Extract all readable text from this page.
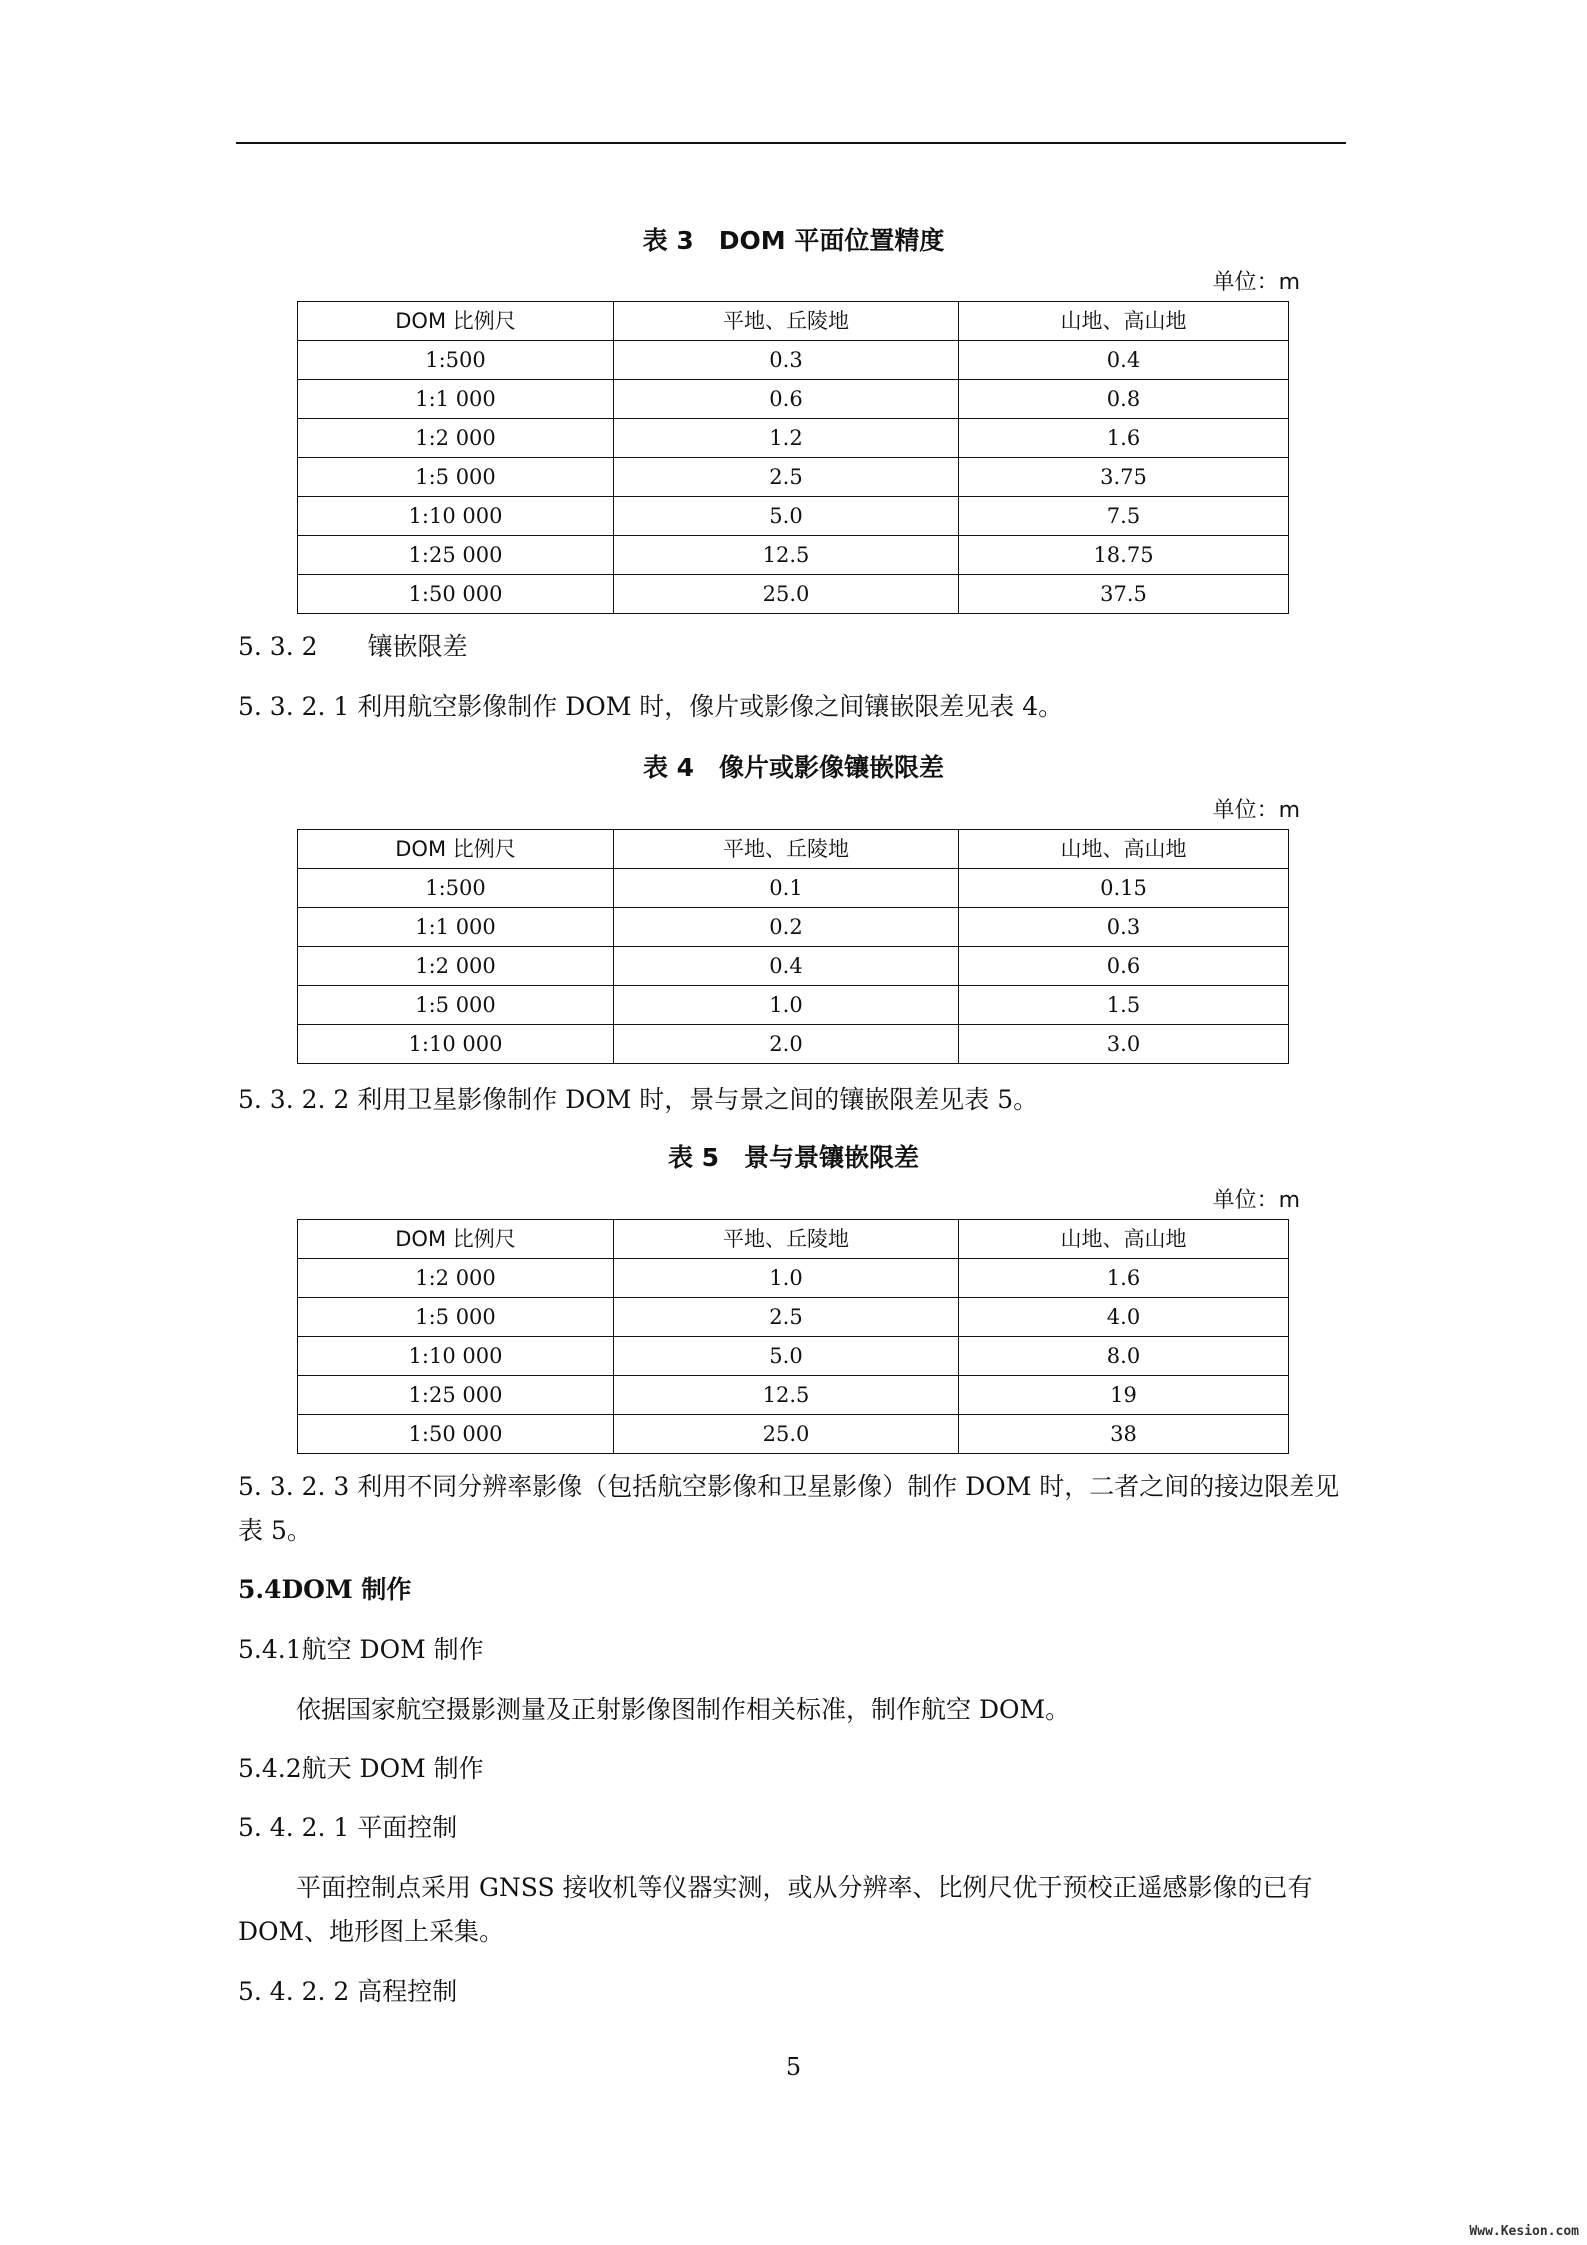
表 3　DOM 平面位置精度
单位：m
DOM 比例尺	平地、丘陵地	山地、高山地
1:500	0.3	0.4
1:1 000	0.6	0.8
1:2 000	1.2	1.6
1:5 000	2.5	3.75
1:10 000	5.0	7.5
1:25 000	12.5	18.75
1:50 000	25.0	37.5
5. 3. 2　　镶嵌限差
5. 3. 2. 1 利用航空影像制作 DOM 时，像片或影像之间镶嵌限差见表 4。
表 4　像片或影像镶嵌限差
单位：m
DOM 比例尺	平地、丘陵地	山地、高山地
1:500	0.1	0.15
1:1 000	0.2	0.3
1:2 000	0.4	0.6
1:5 000	1.0	1.5
1:10 000	2.0	3.0
5. 3. 2. 2 利用卫星影像制作 DOM 时，景与景之间的镶嵌限差见表 5。
表 5　景与景镶嵌限差
单位：m
DOM 比例尺	平地、丘陵地	山地、高山地
1:2 000	1.0	1.6
1:5 000	2.5	4.0
1:10 000	5.0	8.0
1:25 000	12.5	19
1:50 000	25.0	38
5. 3. 2. 3 利用不同分辨率影像（包括航空影像和卫星影像）制作 DOM 时，二者之间的接边限差见表 5。
5.4DOM 制作
5.4.1航空 DOM 制作
依据国家航空摄影测量及正射影像图制作相关标准，制作航空 DOM。
5.4.2航天 DOM 制作
5. 4. 2. 1 平面控制
平面控制点采用 GNSS 接收机等仪器实测，或从分辨率、比例尺优于预校正遥感影像的已有 DOM、地形图上采集。
5. 4. 2. 2 高程控制
5
Www.Kesion.com
